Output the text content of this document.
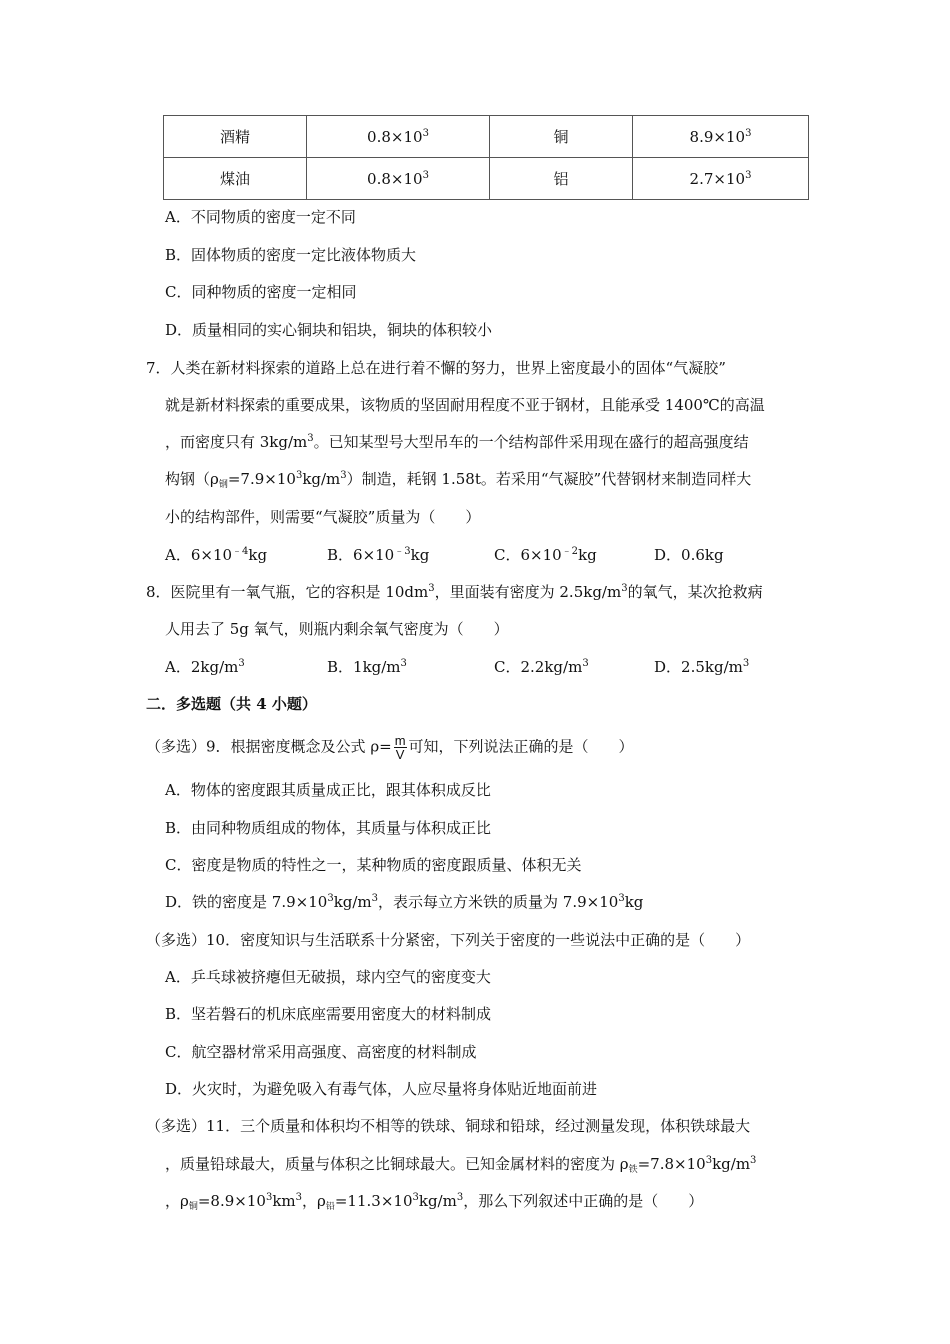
酒精	$0.8\times 10^3$	铜	$8.9\times 10^3$
煤油	$0.8\times 10^3$	铝	$2.7\times 10^3$
A．不同物质的密度一定不同
B．固体物质的密度一定比液体物质大
C．同种物质的密度一定相同
D．质量相同的实心铜块和铝块，铜块的体积较小
7．人类在新材料探索的道路上总在进行着不懈的努力，世界上密度最小的固体“气凝胶”
就是新材料探索的重要成果，该物质的坚固耐用程度不亚于钢材，且能承受 1400℃的高温
，而密度只有 $3kg/m^3$。已知某型号大型吊车的一个结构部件采用现在盛行的超高强度结
构钢$(\rho_钢=7.9\times 10^3kg/m^3)$制造，耗钢 1.58t。若采用“气凝胶”代替钢材来制造同样大
小的结构部件，则需要“气凝胶”质量为（　　）
A．$6\times 10^{﹣4}kg$	B．$6\times 10^{﹣3}kg$	C．$6\times 10^{﹣2}kg$	D．0.6kg
8．医院里有一氧气瓶，它的容积是 $10dm^3$，里面装有密度为 $2.5kg/m^3$的氧气，某次抢救病
人用去了 5g 氧气，则瓶内剩余氧气密度为（　　）
A．$2kg/m^3$	B．$1kg/m^3$	C．$2.2kg/m^3$	D．$2.5kg/m^3$
二．多选题（共 4 小题）
（多选）9．根据密度概念及公式 $\rho= \frac{m}{V}$ 可知，下列说法正确的是（　　）
A．物体的密度跟其质量成正比，跟其体积成反比
B．由同种物质组成的物体，其质量与体积成正比
C．密度是物质的特性之一，某种物质的密度跟质量、体积无关
D．铁的密度是 $7.9\times 10^3kg/m^3$，表示每立方米铁的质量为 $7.9\times 10^3kg$
（多选）10．密度知识与生活联系十分紧密，下列关于密度的一些说法中正确的是（　　）
A．乒乓球被挤瘪但无破损，球内空气的密度变大
B．坚若磐石的机床底座需要用密度大的材料制成
C．航空器材常采用高强度、高密度的材料制成
D．火灾时，为避免吸入有毒气体，人应尽量将身体贴近地面前进
（多选）11．三个质量和体积均不相等的铁球、铜球和铅球，经过测量发现，体积铁球最大
，质量铅球最大，质量与体积之比铜球最大。已知金属材料的密度为 $\rho_铁=7.8\times 10^3kg/m^3$
，$\rho_铜=8.9\times 10^3km^3$，$\rho_铅=11.3\times 10^3kg/m^3$，那么下列叙述中正确的是（　　）
